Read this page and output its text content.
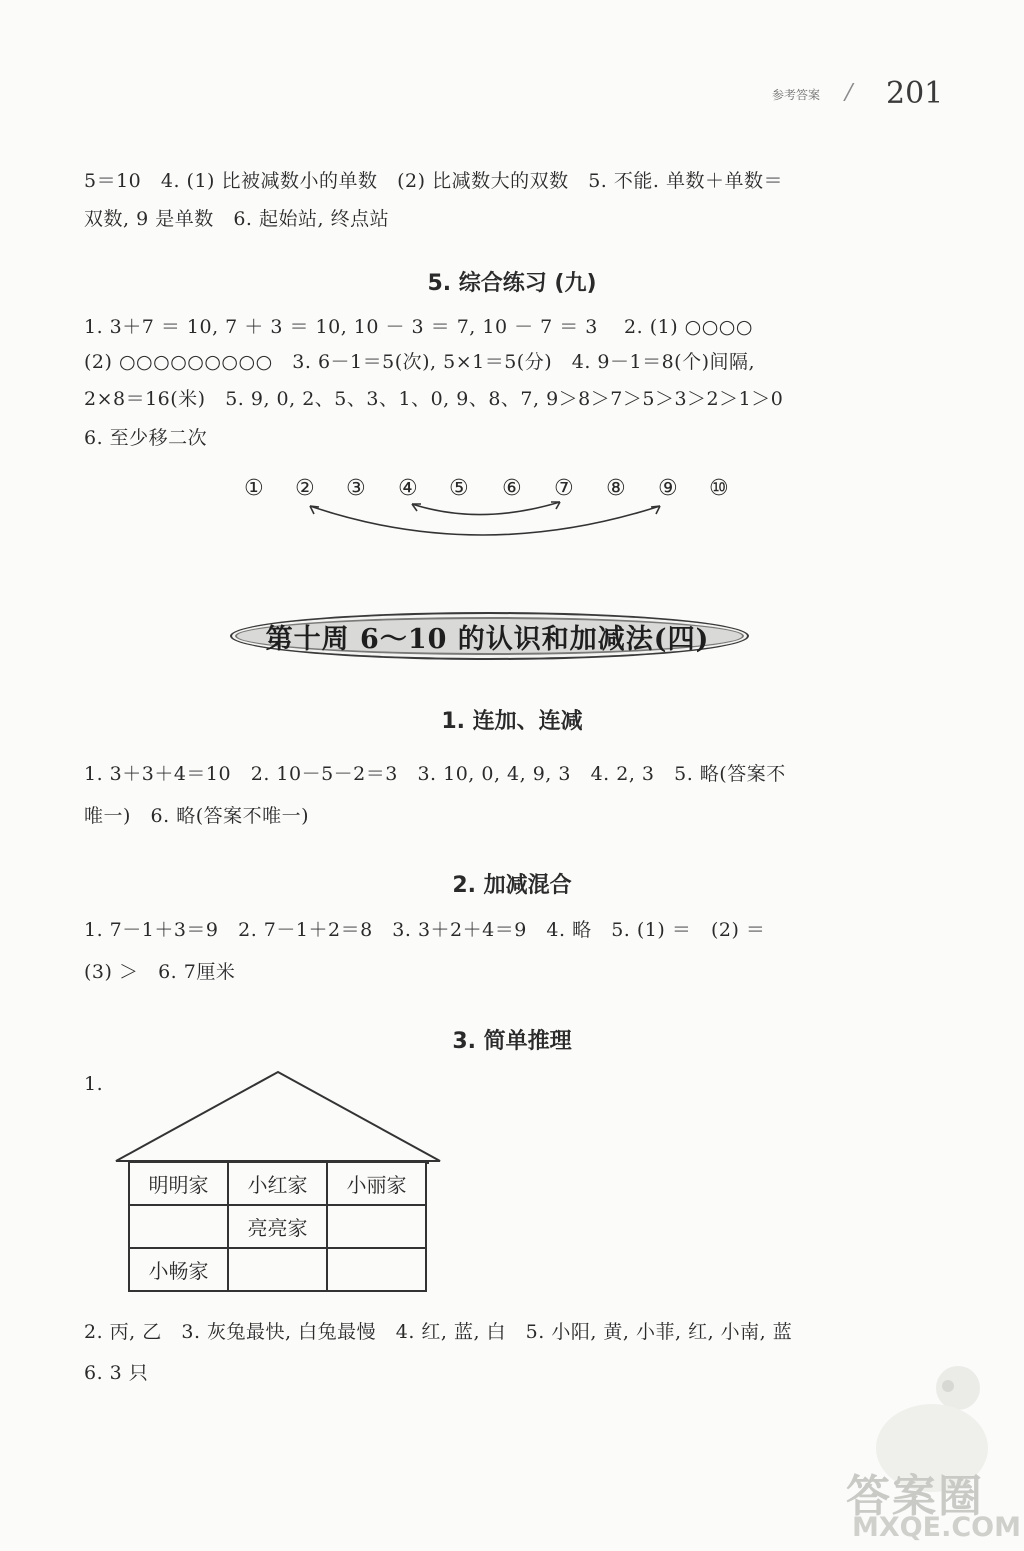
参考答案 / 201
5＝10   4. (1) 比被减数小的单数   (2) 比减数大的双数   5. 不能. 单数＋单数＝
双数, 9 是单数   6. 起始站, 终点站
5. 综合练习 (九)
1. 3＋7 ＝ 10, 7 ＋ 3 ＝ 10, 10 － 3 ＝ 7, 10 － 7 ＝ 3    2. (1) ○○○○
(2) ○○○○○○○○○   3. 6－1＝5(次), 5×1＝5(分)   4. 9－1＝8(个)间隔,
2×8＝16(米)   5. 9, 0, 2、5、3、1、0, 9、8、7, 9＞8＞7＞5＞3＞2＞1＞0
6. 至少移二次
① ② ③ ④ ⑤ ⑥ ⑦ ⑧ ⑨ ⑩
第十周 6～10 的认识和加减法(四)
1. 连加、连减
1. 3＋3＋4＝10   2. 10－5－2＝3   3. 10, 0, 4, 9, 3   4. 2, 3   5. 略(答案不
唯一)   6. 略(答案不唯一)
2. 加减混合
1. 7－1＋3＝9   2. 7－1＋2＝8   3. 3＋2＋4＝9   4. 略   5. (1) ＝   (2) ＝
(3) ＞   6. 7厘米
3. 简单推理
1.
明明家	小红家	小丽家
	亮亮家	
小畅家		
2. 丙, 乙   3. 灰兔最快, 白兔最慢   4. 红, 蓝, 白   5. 小阳, 黄, 小菲, 红, 小南, 蓝
6. 3 只
答案圈
MXQE.COM
